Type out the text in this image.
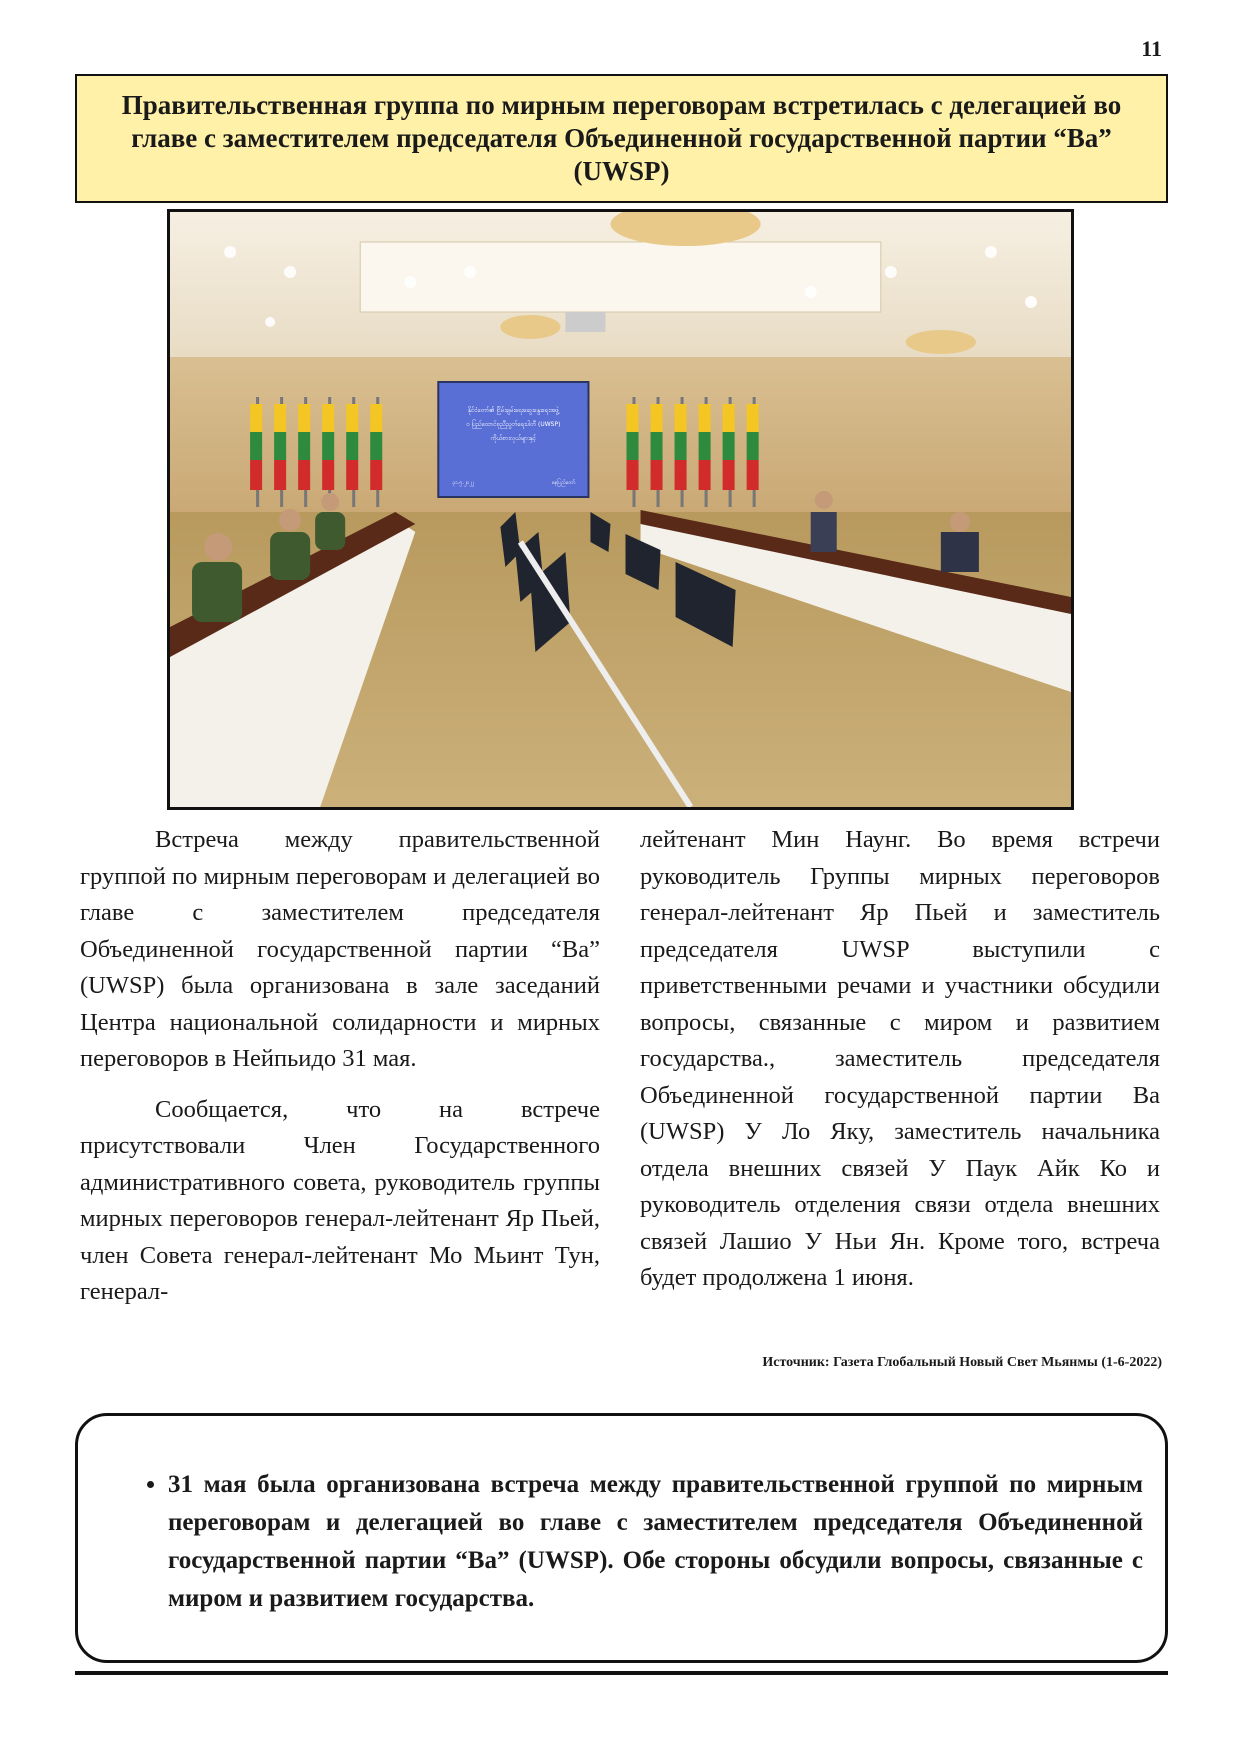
11
Правительственная группа по мирным переговорам встретилась с делегацией во главе с заместителем председателя Объединенной государственной партии “Ва” (UWSP)
နိုင်ငံတော်၏ ငြိမ်းချမ်းရေးဆွေးနွေးရေးအဖွဲ့
ဝ ပြည်ထောင်စုညီညွတ်ရေးပါတီ (UWSP)
ကိုယ်စားလှယ်များနှင့်
၃၁.၅.၂၀၂၂	နေပြည်တော်

Встреча между правительственной группой по мирным переговорам и делегацией во главе с заместителем председателя Объединенной государственной партии “Ва” (UWSP) была организована в зале заседаний Центра национальной солидарности и мирных переговоров в Нейпьидо 31 мая.

Сообщается, что на встрече присутствовали Член Государственного административного совета, руководитель группы мирных переговоров генерал-лейтенант Яр Пьей, член Совета генерал-лейтенант Мо Мьинт Тун, генерал-

лейтенант Мин Наунг. Во время встречи руководитель Группы мирных переговоров генерал-лейтенант Яр Пьей и заместитель председателя UWSP выступили с приветственными речами и участники обсудили вопросы, связанные с миром и развитием государства., заместитель председателя Объединенной государственной партии Ва (UWSP) У Ло Яку, заместитель начальника отдела внешних связей У Паук Айк Ко и руководитель отделения связи отдела внешних связей Лашио У Ньи Ян. Кроме того, встреча будет продолжена 1 июня.

Источник: Газета Глобальный Новый Свет Мьянмы (1-6-2022)
• 31 мая была организована встреча между правительственной группой по мирным переговорам и делегацией во главе с заместителем председателя Объединенной государственной партии “Ва” (UWSP). Обе стороны обсудили вопросы, связанные с миром и развитием государства.
